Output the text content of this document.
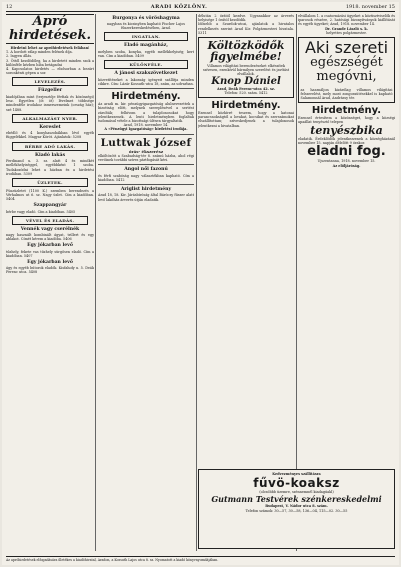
12	ARADI KÖZLÖNY.	1918. november 15
Apró hirdetések.
Hirdetni lehet az apróhirdetések felában!
1. A hordott rálap minden felének díja.
2. Ingyen állás.
3. Öttől kezdődőleg, ha a hirdetett minden szok a különféle kézben hiba betágadni
4. Kapcsolatos hirdetés — elsősorban a bezárt soronkénti gépen a sor.
LEVELEZÉS.
Füzgeller
kiadójában mint (terjesztője férfiak és közönségi) lesz. Egyetlen (öt öt) lévelmet többsége mindenféle irodahoz ismerszemeink (ország ház); szé 1488.
ALKALMAZÁST NYER.
Kereslet
ebédlő és 4 konyhaszobákban lévő egyéb függelékkel. Magyar Köröt. Ajánlatok: 5208
BÉRBE ADÓ LAKÁS.
Kiadó lakás
Ferdinand u. 3. sz. alatt 4 és mindkét mellékhelyiséggel, egyébbként 1 szoba. Tudakozódni lehet a házban és a hirdetési irodában. 5309
ÜZLETEK.
Füszüzletet (1100 K.) szemben berendezés a Vérhalmos ut 6. sz. Nagy üzlet. Cím a kiadóban. 5404
Szappangyár
bérbe vagy eladó. Cím a kiadóban. 5405
VÉVEL ÉS ELADÁS.
Vennék vagy cserélnék
nagy használt kombinált ágyat, trillert és egy ablakot. Címét kérem a kiadóba. 5406
Egy jókarban levő
tűzhely, fekete vas tűzhely sürgősen eladó. Cím a kiadóban. 5407
Egy jókarban levő
ágy és egyéb bútorok eladók. Kisfaludy u. 5. Deák Ferenc utca. 5408
Burgonya és vöröshagyma
nagyban és kicsinyben kapható Fischer Lajos fűszerkereskedésében, Arad.
INGATLAN.
Eladó magánház,
melyben szoba, konyha, egyéb mellékhelyiség; kert van. Cím a kiadóban. 5409
KÜLÖNFÉLE.
A jánosi szakszövetkezet
közvetítéseket a lakosság igényeit szállítja minden cikkre. Cím: Lázár Kossuth-utca 18, szám, az udvarban.
Hirdetmény.
Az aradi m. kir. pénzügyigazgatóság alulnevezettek a bizottság előtt, melynek szereplésével a sertést zárolták; felhívom a tulajdonosokat hogy jelentkezzenek. A lenti hirdetményben foglaltak tudomásul vétele a bizottsági ülésen tárgyaltatik.
Arad, 1918. november 14.
A «Pénzügyi Igazgatóság» hirdetési irodája.
Luttwak József
órás- ékszerész
elköltözött a Szabadság-tér 8. számú házba, ahol régi vevőinek további szíves pártfogását kéri.
Angol női fazonú
és férfi szabóság nagy választékban kapható. Cím a kiadóban. 5412
Ariglist hirdetmény
Arad 18, 18. Kir. Járásbíróság által Báróczy fűszer alatt levő lakóház árverés útján eladatik.
délután 2 órától kezdve. Ugyanakkor az árverés helyisége 1 órától kezdődik.
Idősebb a Szurdok-utcai, ajánlatok a hivatalos rendelkezés szerint Arad Kir. Polgármesteri hivatala. 5311
Költözködők figyelmébe!
Villamos világítási berendezéseket elkészítek szívesen, ezenkívül bármilyen szerelést és javítást elvállalok.
Knop Dániel
Arad, Deák Ferenc-utca 42. sz.
Telefon: 520. szám. 5412
Hirdetmény.
Ezennel közhírré teszem, hogy a katonai parancsnokságtól a lovakat, kocsikat és szerszámokat elszállítottam; szíveskedjenek a tulajdonosok jelentkezni a hivatalban.
elvállalom 1. a csatornázási ügyeket a köztisztviselők és iparosok részére, 2. hatósági bizonyítványok kiállítását és egyéb ügyeket; Arad, 1918. november 14.
Dr. Grande László s. k.
helyettes polgármester.
Aki szereti
egészségét
megóvni,
az használjon kizárólag villamos világítási felszerelést, mely most zongoraütésekkel is kapható Salamonnál Arad, Andrássy tér.
Hirdetmény.
Ezennel értesítem a közönséget, hogy a községi apaállat tenyésztő telepen
tenyészbika
eladatik. Érdeklődők jelentkezzenek a községházánál november 15. napján délelőtt 9 órakor.
eladni fog.
Ujszentanna, 1918. november 15.
Az elöljáróság.
Kedvezményes szállításra
fűvö-koaksz
(olcsóbbb üzemre, szénnemnél kiadagúakl)
Gutmann Testvérek szénkereskedelmi
Budapest, V. Nádor utca 8. szám.
Telefon számok: 30—57, 30—58, 136—04, 115—02. 30—55
Az apróhirdetések elfogadására illetékes a kiadóhivatal, Aradon, a Kossuth Lajos utca 8. sz. Nyomatott a kiadó könyvnyomdájában.
